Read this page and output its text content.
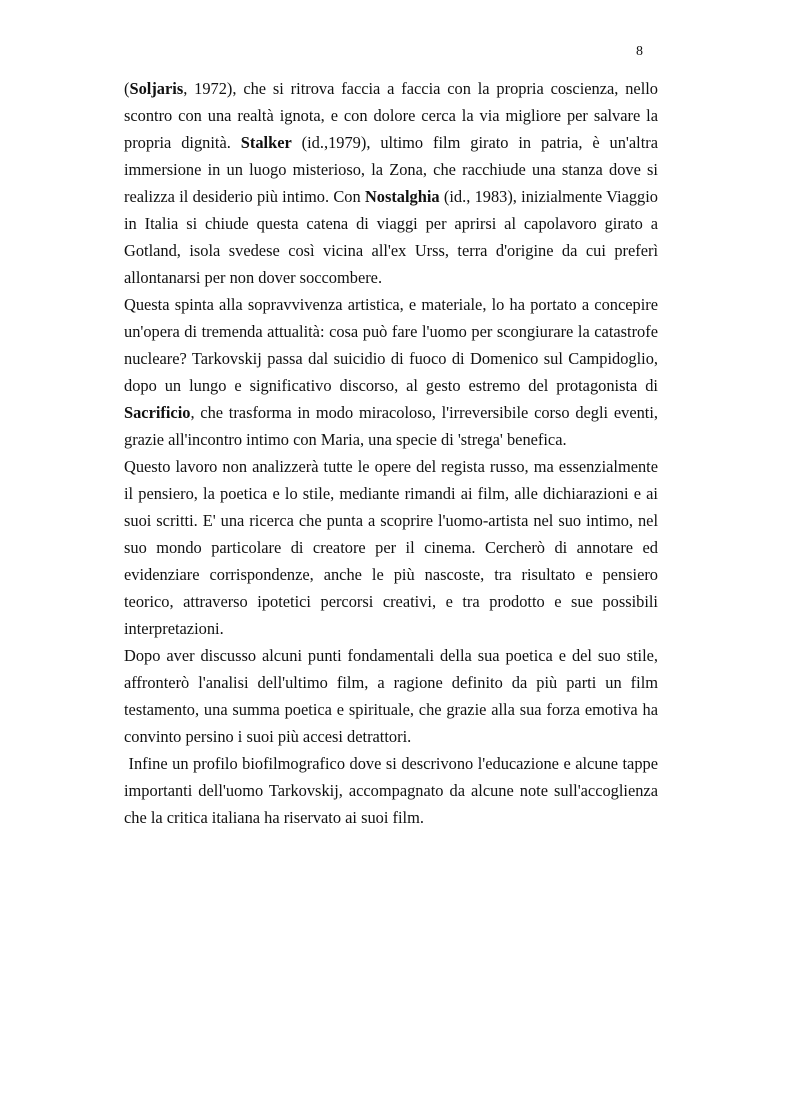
8

(Soljaris, 1972), che si ritrova faccia a faccia con la propria coscienza, nello scontro con una realtà ignota, e con dolore cerca la via migliore per salvare la propria dignità. Stalker (id.,1979), ultimo film girato in patria, è un'altra immersione in un luogo misterioso, la Zona, che racchiude una stanza dove si realizza il desiderio più intimo. Con Nostalghia (id., 1983), inizialmente Viaggio in Italia si chiude questa catena di viaggi per aprirsi al capolavoro girato a Gotland, isola svedese così vicina all'ex Urss, terra d'origine da cui preferì allontanarsi per non dover soccombere.

Questa spinta alla sopravvivenza artistica, e materiale, lo ha portato a concepire un'opera di tremenda attualità: cosa può fare l'uomo per scongiurare la catastrofe nucleare? Tarkovskij passa dal suicidio di fuoco di Domenico sul Campidoglio, dopo un lungo e significativo discorso, al gesto estremo del protagonista di Sacrificio, che trasforma in modo miracoloso, l'irreversibile corso degli eventi, grazie all'incontro intimo con Maria, una specie di 'strega' benefica.

Questo lavoro non analizzerà tutte le opere del regista russo, ma essenzialmente il pensiero, la poetica e lo stile, mediante rimandi ai film, alle dichiarazioni e ai suoi scritti. E' una ricerca che punta a scoprire l'uomo-artista nel suo intimo, nel suo mondo particolare di creatore per il cinema. Cercherò di annotare ed evidenziare corrispondenze, anche le più nascoste, tra risultato e pensiero teorico, attraverso ipotetici percorsi creativi, e tra prodotto e sue possibili interpretazioni.

Dopo aver discusso alcuni punti fondamentali della sua poetica e del suo stile, affronterò l'analisi dell'ultimo film, a ragione definito da più parti un film testamento, una summa poetica e spirituale, che grazie alla sua forza emotiva ha convinto persino i suoi più accesi detrattori.

Infine un profilo biofilmografico dove si descrivono l'educazione e alcune tappe importanti dell'uomo Tarkovskij, accompagnato da alcune note sull'accoglienza che la critica italiana ha riservato ai suoi film.
